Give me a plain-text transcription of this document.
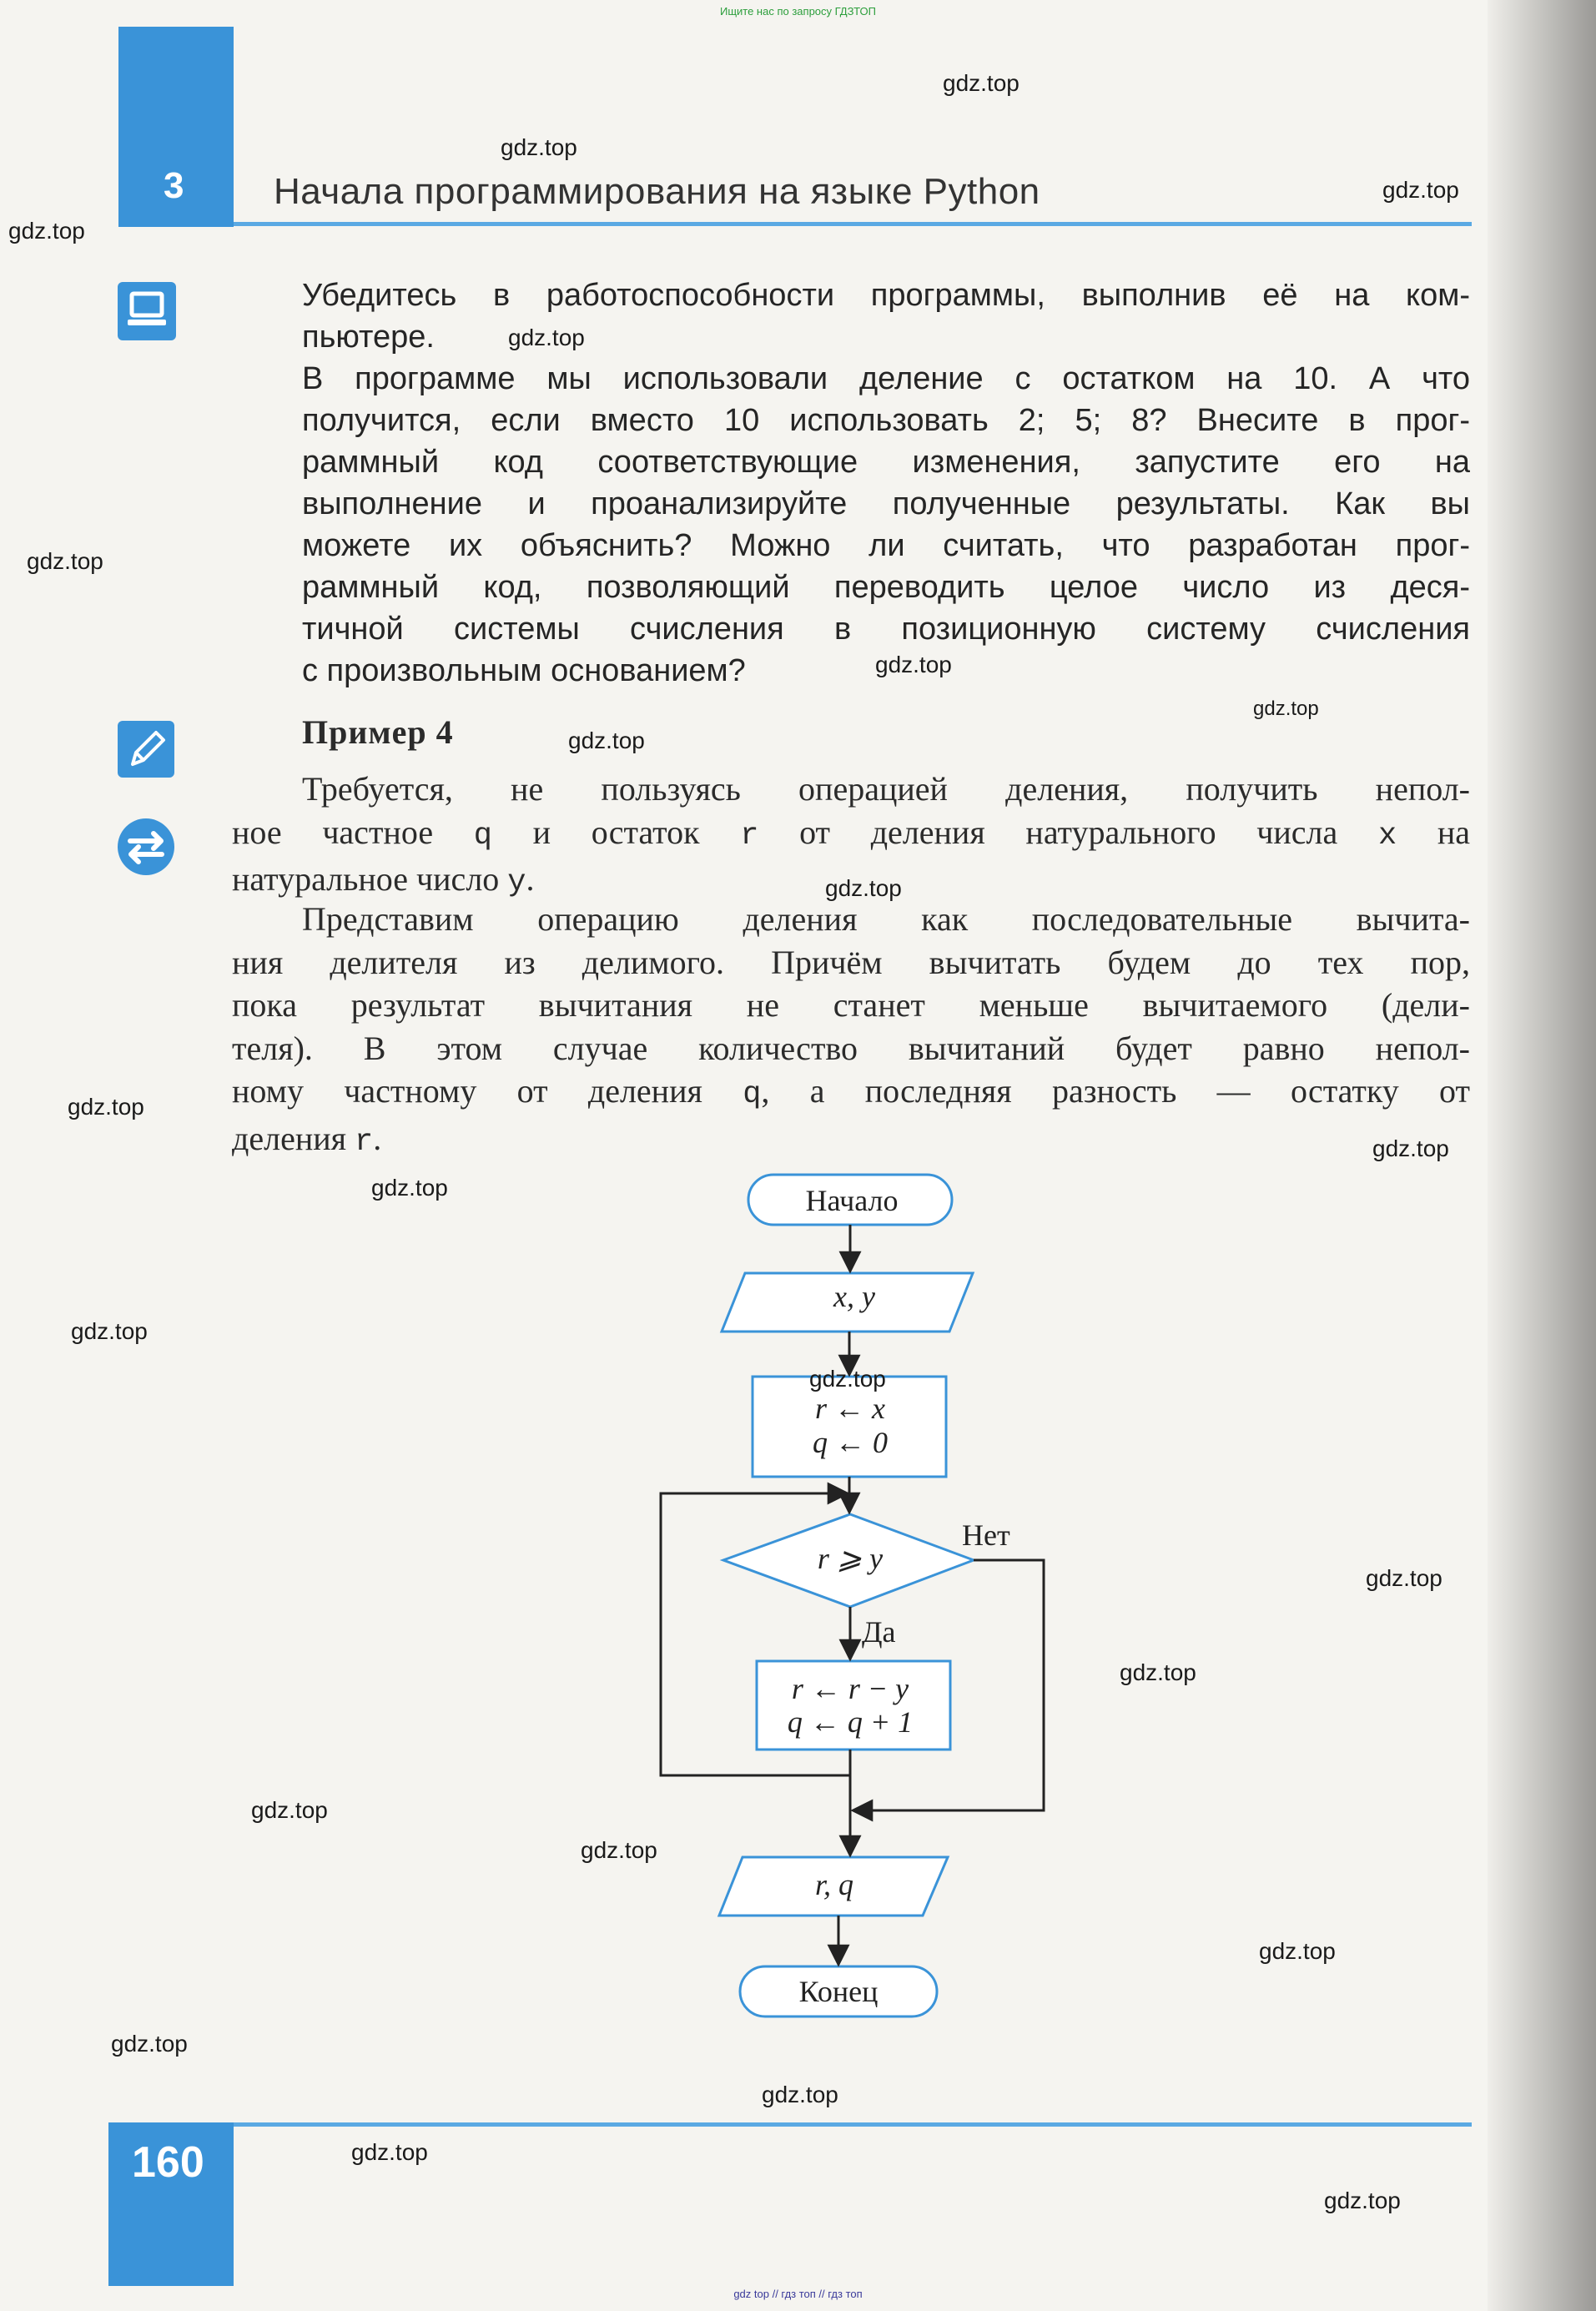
Ищите нас по запросу ГДЗТОП
gdz top // гдз топ // гдз топ
3 Начала программирования на языке Python
Убедитесь в работоспособности программы, выполнив её на ком-
пьютере.
В программе мы использовали деление с остатком на 10. А что
получится, если вместо 10 использовать 2; 5; 8? Внесите в прог-
раммный код соответствующие изменения, запустите его на
выполнение и проанализируйте полученные результаты. Как вы
можете их объяснить? Можно ли считать, что разработан прог-
раммный код, позволяющий переводить целое число из деся-
тичной системы счисления в позиционную систему счисления
с произвольным основанием?
Пример 4
Требуется, не пользуясь операцией деления, получить непол-
ное частное q и остаток r от деления натурального числа x на
натуральное число y.
Представим операцию деления как последовательные вычита-
ния делителя из делимого. Причём вычитать будем до тех пор,
пока результат вычитания не станет меньше вычитаемого (дели-
теля). В этом случае количество вычитаний будет равно непол-
ному частному от деления q, а последняя разность — остатку от
деления r.
Начало
x, y
r ← x
q ← 0
r ⩾ y
Да
Нет
r ← r − y
q ← q + 1
r, q
Конец
160
gdz.top
gdz.top
gdz.top
gdz.top
gdz.top
gdz.top
gdz.top
gdz.top
gdz.top
gdz.top
gdz.top
gdz.top
gdz.top
gdz.top
gdz.top
gdz.top
gdz.top
gdz.top
gdz.top
gdz.top
gdz.top
gdz.top
gdz.top
gdz.top
